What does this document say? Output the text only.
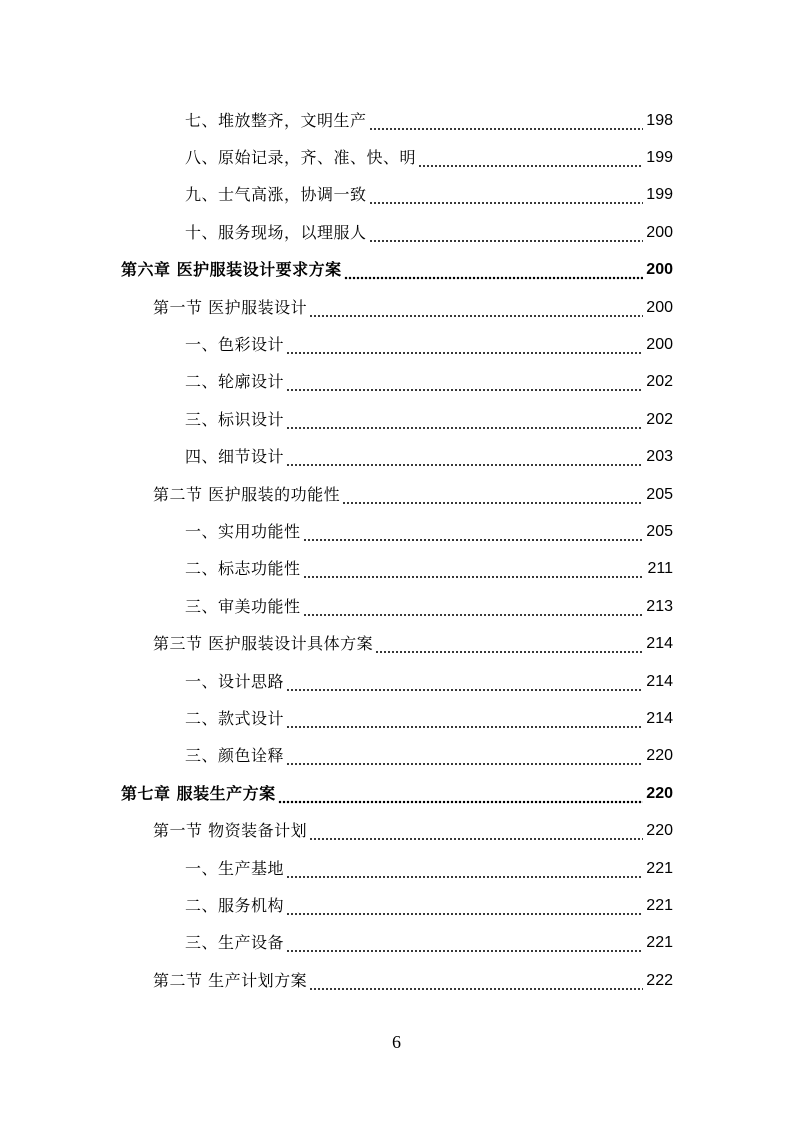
七、堆放整齐，文明生产	198
八、原始记录，齐、准、快、明	199
九、士气高涨，协调一致	199
十、服务现场，以理服人	200
第六章 医护服装设计要求方案	200
第一节 医护服装设计	200
一、色彩设计	200
二、轮廓设计	202
三、标识设计	202
四、细节设计	203
第二节 医护服装的功能性	205
一、实用功能性	205
二、标志功能性	211
三、审美功能性	213
第三节 医护服装设计具体方案	214
一、设计思路	214
二、款式设计	214
三、颜色诠释	220
第七章 服装生产方案	220
第一节 物资装备计划	220
一、生产基地	221
二、服务机构	221
三、生产设备	221
第二节 生产计划方案	222
6
